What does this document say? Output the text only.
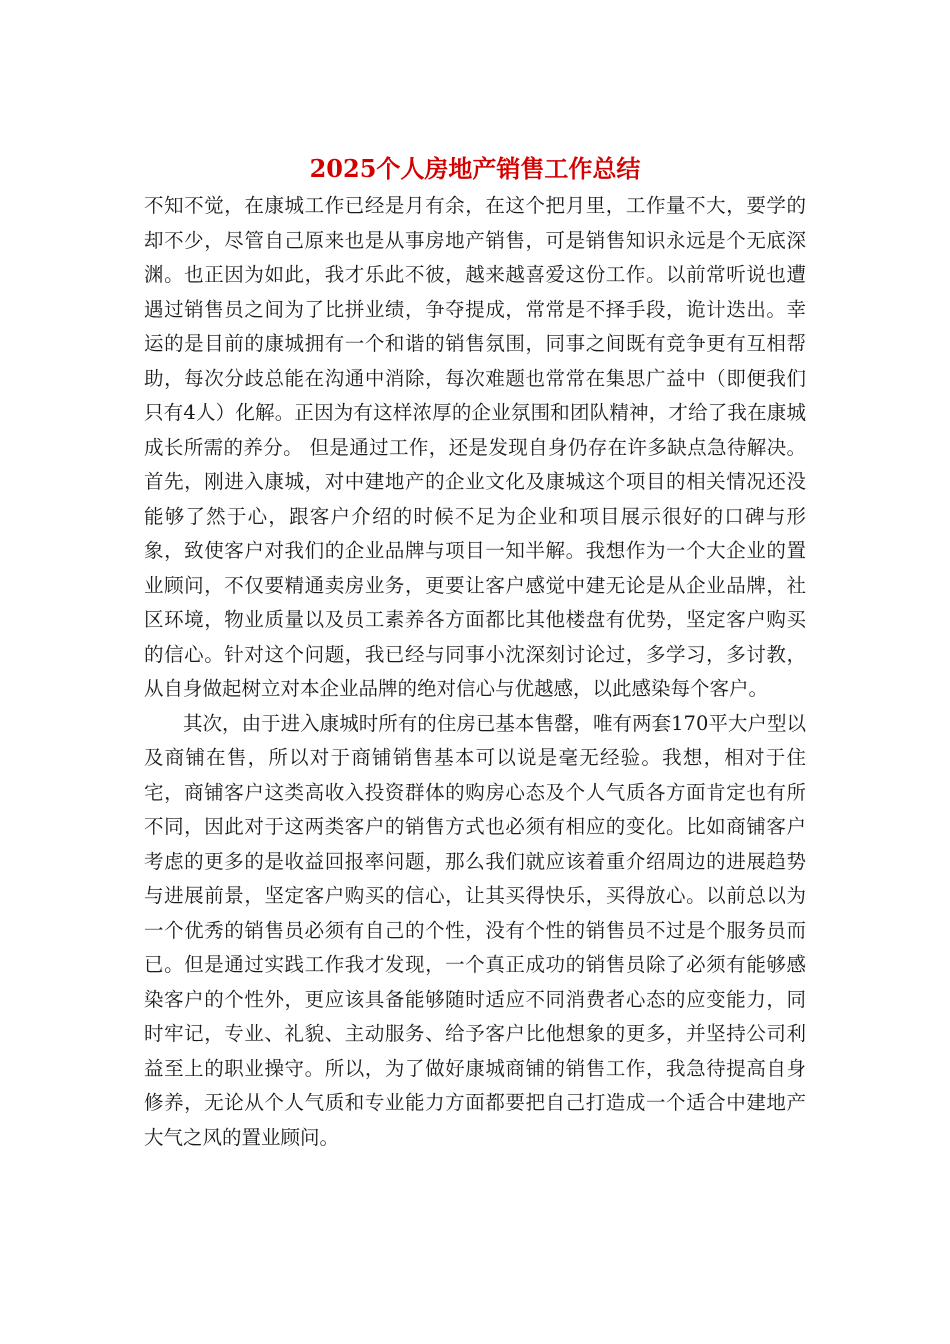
2025个人房地产销售工作总结

不知不觉，在康城工作已经是月有余，在这个把月里，工作量不大，要学的却不少，尽管自己原来也是从事房地产销售，可是销售知识永远是个无底深渊。也正因为如此，我才乐此不彼，越来越喜爱这份工作。以前常听说也遭遇过销售员之间为了比拼业绩，争夺提成，常常是不择手段，诡计迭出。幸运的是目前的康城拥有一个和谐的销售氛围，同事之间既有竞争更有互相帮助，每次分歧总能在沟通中消除，每次难题也常常在集思广益中（即便我们只有4人）化解。正因为有这样浓厚的企业氛围和团队精神，才给了我在康城成长所需的养分。 但是通过工作，还是发现自身仍存在许多缺点急待解决。首先，刚进入康城，对中建地产的企业文化及康城这个项目的相关情况还没能够了然于心，跟客户介绍的时候不足为企业和项目展示很好的口碑与形象，致使客户对我们的企业品牌与项目一知半解。我想作为一个大企业的置业顾问，不仅要精通卖房业务，更要让客户感觉中建无论是从企业品牌，社区环境，物业质量以及员工素养各方面都比其他楼盘有优势，坚定客户购买的信心。针对这个问题，我已经与同事小沈深刻讨论过，多学习，多讨教，从自身做起树立对本企业品牌的绝对信心与优越感，以此感染每个客户。

其次，由于进入康城时所有的住房已基本售罄，唯有两套170平大户型以及商铺在售，所以对于商铺销售基本可以说是毫无经验。我想，相对于住宅，商铺客户这类高收入投资群体的购房心态及个人气质各方面肯定也有所不同，因此对于这两类客户的销售方式也必须有相应的变化。比如商铺客户考虑的更多的是收益回报率问题，那么我们就应该着重介绍周边的进展趋势与进展前景，坚定客户购买的信心，让其买得快乐，买得放心。以前总以为一个优秀的销售员必须有自己的个性，没有个性的销售员不过是个服务员而已。但是通过实践工作我才发现，一个真正成功的销售员除了必须有能够感染客户的个性外，更应该具备能够随时适应不同消费者心态的应变能力，同时牢记，专业、礼貌、主动服务、给予客户比他想象的更多，并坚持公司利益至上的职业操守。所以，为了做好康城商铺的销售工作，我急待提高自身修养，无论从个人气质和专业能力方面都要把自己打造成一个适合中建地产大气之风的置业顾问。
